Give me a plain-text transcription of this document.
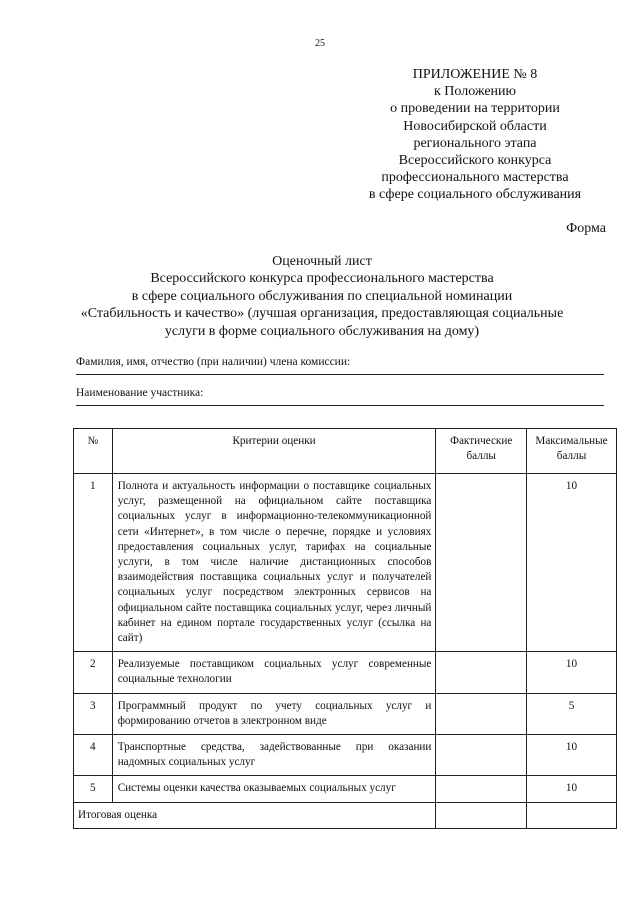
25
ПРИЛОЖЕНИЕ № 8
к Положению
о проведении на территории
Новосибирской области
регионального этапа
Всероссийского конкурса
профессионального мастерства
в сфере социального обслуживания
Форма
Оценочный лист
Всероссийского конкурса профессионального мастерства
в сфере социального обслуживания по специальной номинации
«Стабильность и качество» (лучшая организация, предоставляющая социальные
услуги в форме социального обслуживания на дому)
Фамилия, имя, отчество (при наличии) члена комиссии:
Наименование участника:
№	Критерии оценки	Фактические баллы	Максимальные баллы
1	Полнота и актуальность информации о поставщике социальных услуг, размещенной на официальном сайте поставщика социальных услуг в информационно-телекоммуникационной сети «Интернет», в том числе о перечне, порядке и условиях предоставления социальных услуг, тарифах на социальные услуги, в том числе наличие дистанционных способов взаимодействия поставщика социальных услуг и получателей социальных услуг посредством электронных сервисов на официальном сайте поставщика социальных услуг, через личный кабинет на едином портале государственных услуг (ссылка на сайт)		10
2	Реализуемые поставщиком социальных услуг современные социальные технологии		10
3	Программный продукт по учету социальных услуг и формированию отчетов в электронном виде		5
4	Транспортные средства, задействованные при оказании надомных социальных услуг		10
5	Системы оценки качества оказываемых социальных услуг		10
Итоговая оценка			
